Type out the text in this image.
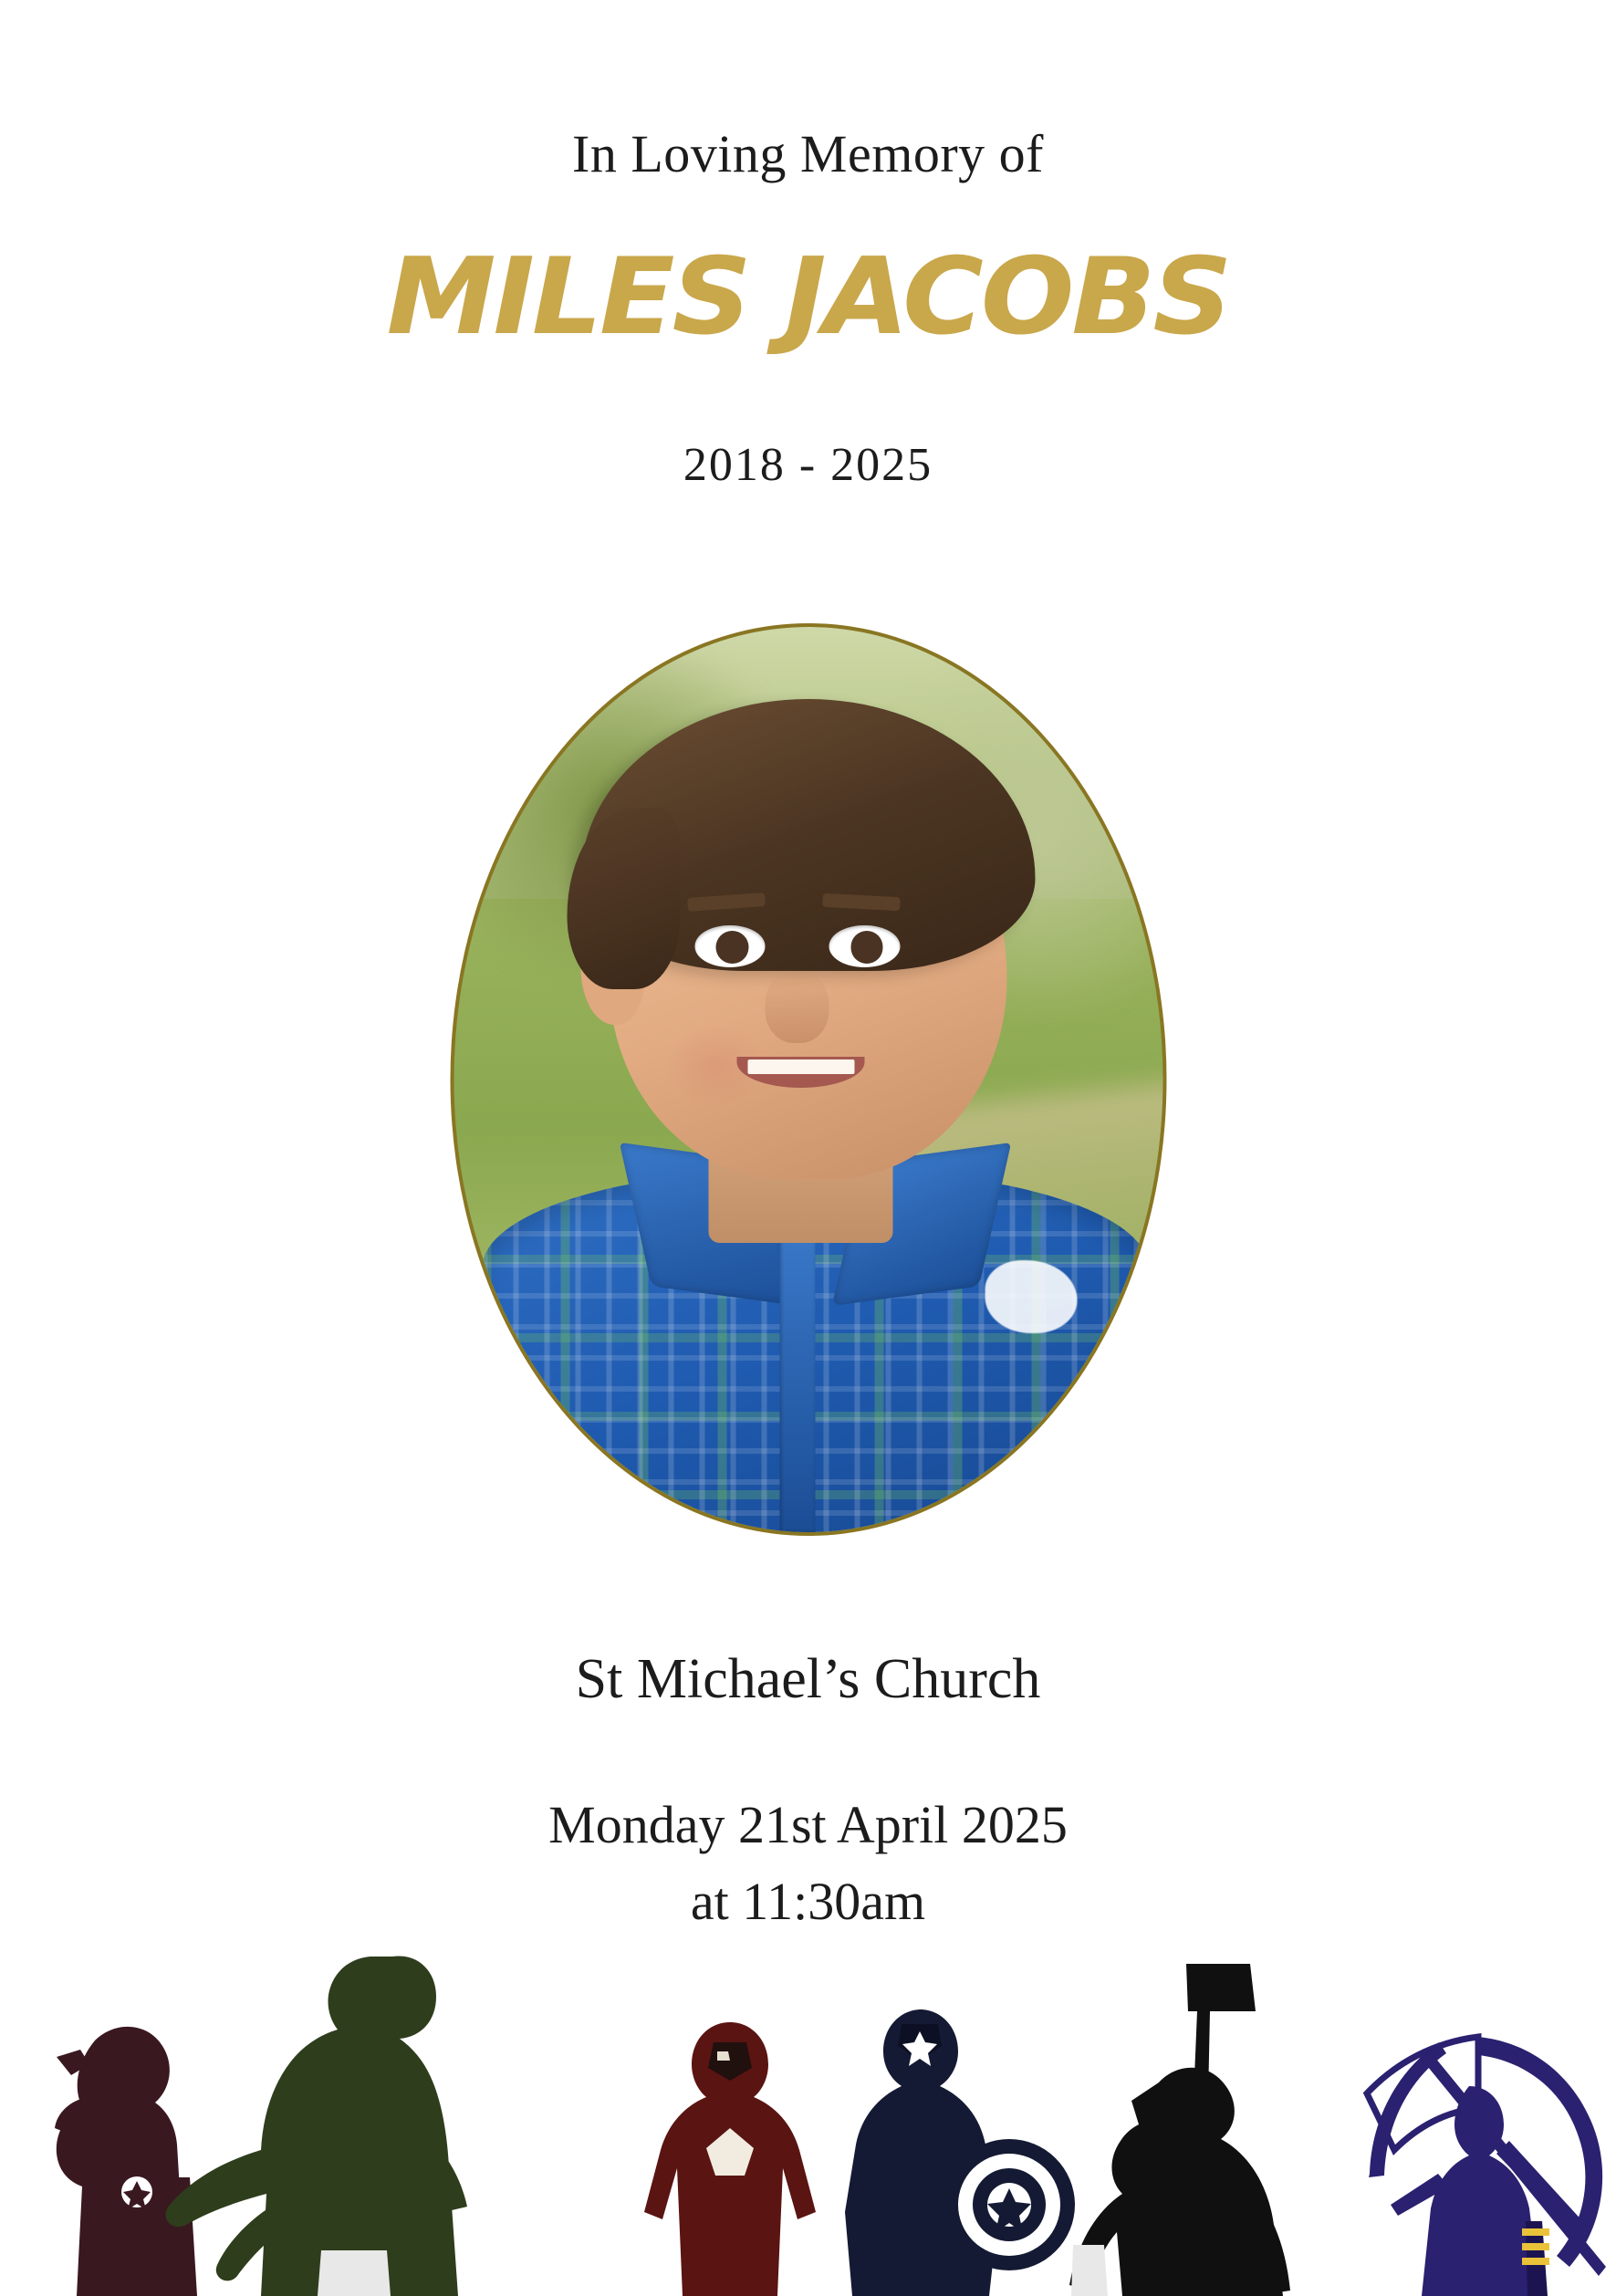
In Loving Memory of
MILES JACOBS
2018 - 2025
St Michael’s Church
Monday 21st April 2025
at 11:30am
